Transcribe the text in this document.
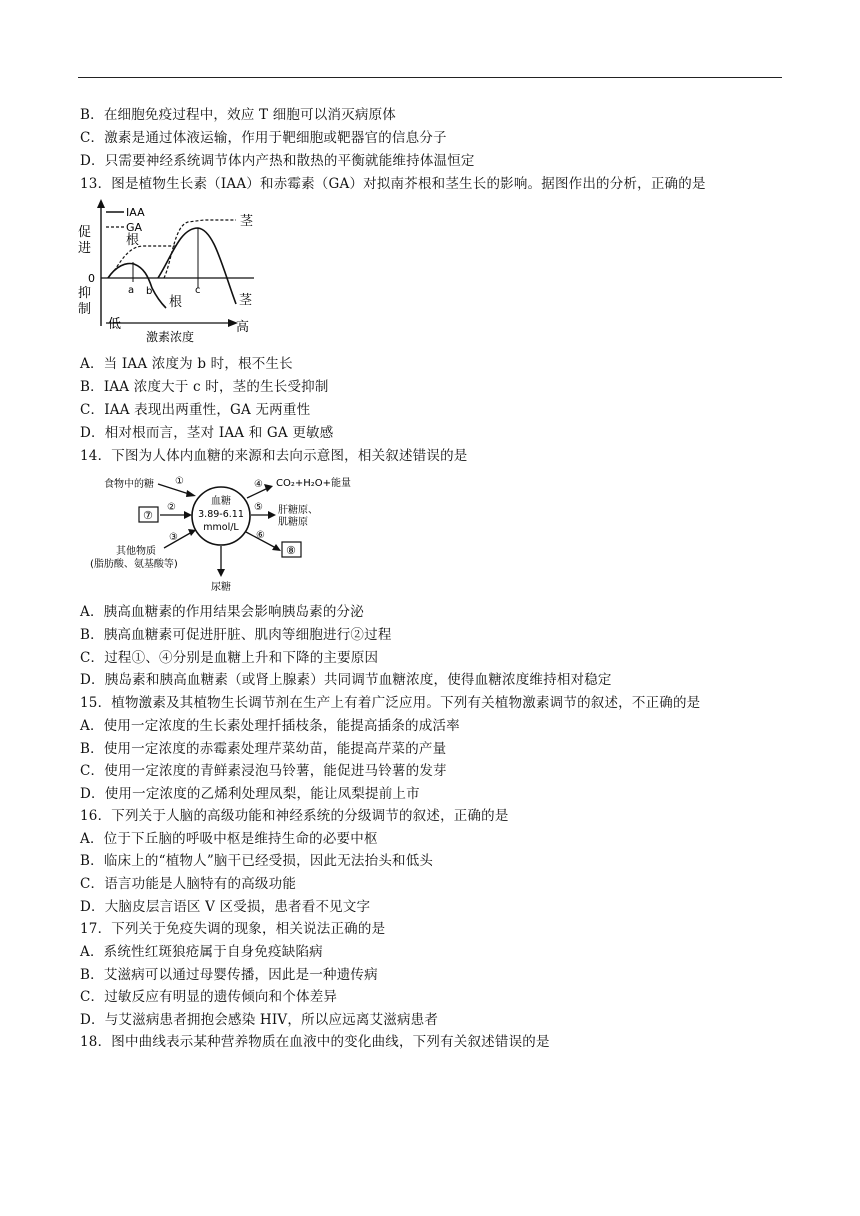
B．在细胞免疫过程中，效应 T 细胞可以消灭病原体
C．激素是通过体液运输，作用于靶细胞或靶器官的信息分子
D．只需要神经系统调节体内产热和散热的平衡就能维持体温恒定
13．图是植物生长素（IAA）和赤霉素（GA）对拟南芥根和茎生长的影响。据图作出的分析，正确的是
IAA
GA
促
进
0
抑
制
a b	c
根
根
茎
茎
低
激素浓度
高
A．当 IAA 浓度为 b 时，根不生长
B．IAA 浓度大于 c 时，茎的生长受抑制
C．IAA 表现出两重性，GA 无两重性
D．相对根而言，茎对 IAA 和 GA 更敏感
14．下图为人体内血糖的来源和去向示意图，相关叙述错误的是
血糖
3.89-6.11
mmol/L
食物中的糖 ①
⑦
②
③
其他物质
(脂肪酸、氨基酸等)
④ CO₂+H₂O+能量
⑤ 肝糖原、
肌糖原
⑥
⑧
尿糖
A．胰高血糖素的作用结果会影响胰岛素的分泌
B．胰高血糖素可促进肝脏、肌肉等细胞进行②过程
C．过程①、④分别是血糖上升和下降的主要原因
D．胰岛素和胰高血糖素（或肾上腺素）共同调节血糖浓度，使得血糖浓度维持相对稳定
15．植物激素及其植物生长调节剂在生产上有着广泛应用。下列有关植物激素调节的叙述，不正确的是
A．使用一定浓度的生长素处理扦插枝条，能提高插条的成活率
B．使用一定浓度的赤霉素处理芹菜幼苗，能提高芹菜的产量
C．使用一定浓度的青鲜素浸泡马铃薯，能促进马铃薯的发芽
D．使用一定浓度的乙烯利处理凤梨，能让凤梨提前上市
16．下列关于人脑的高级功能和神经系统的分级调节的叙述，正确的是
A．位于下丘脑的呼吸中枢是维持生命的必要中枢
B．临床上的“植物人”脑干已经受损，因此无法抬头和低头
C．语言功能是人脑特有的高级功能
D．大脑皮层言语区 V 区受损，患者看不见文字
17．下列关于免疫失调的现象，相关说法正确的是
A．系统性红斑狼疮属于自身免疫缺陷病
B．艾滋病可以通过母婴传播，因此是一种遗传病
C．过敏反应有明显的遗传倾向和个体差异
D．与艾滋病患者拥抱会感染 HIV，所以应远离艾滋病患者
18．图中曲线表示某种营养物质在血液中的变化曲线，下列有关叙述错误的是
